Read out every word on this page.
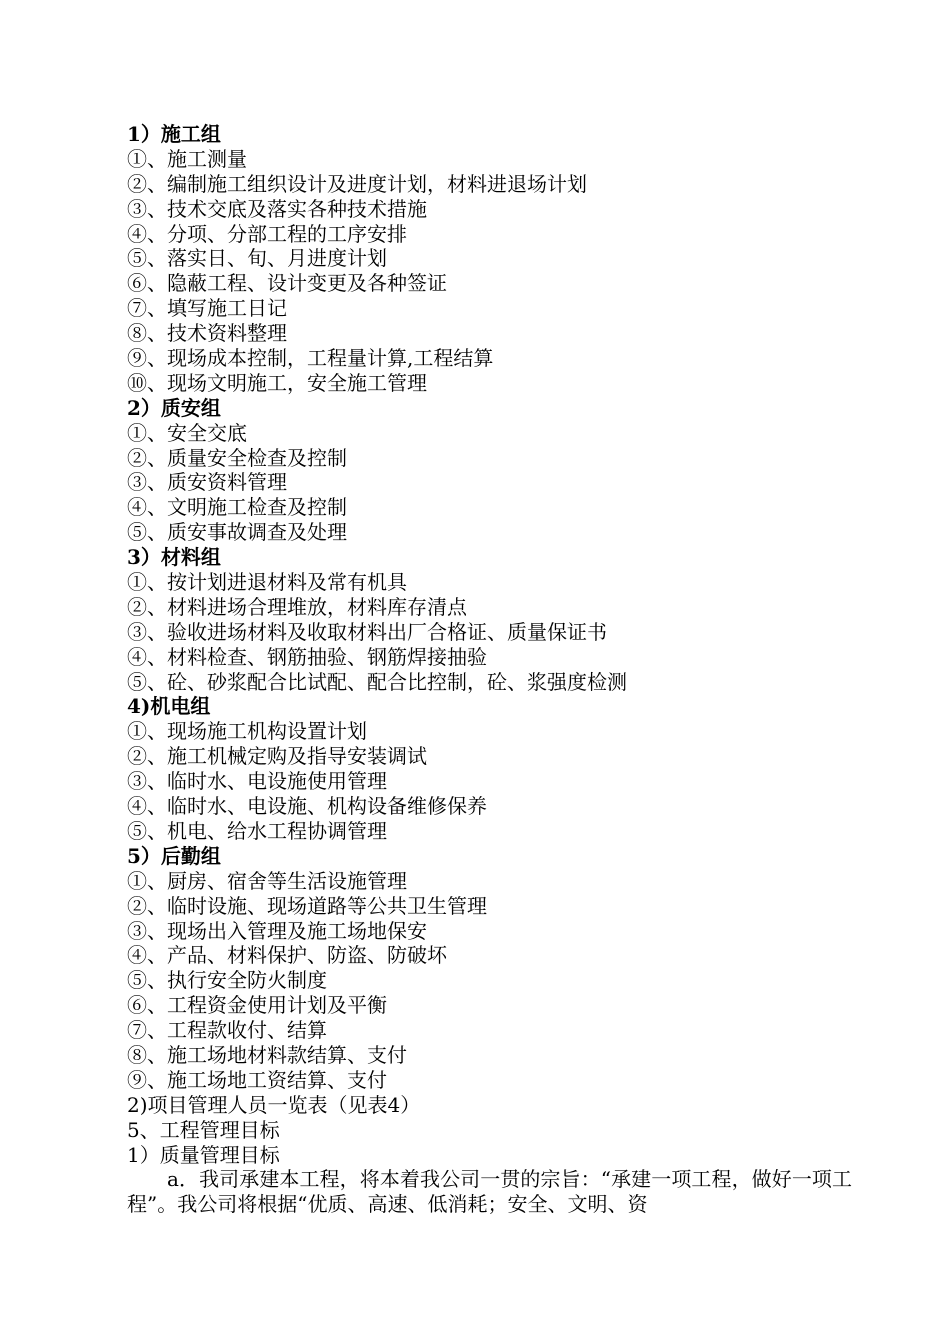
1）施工组
①、施工测量
②、编制施工组织设计及进度计划，材料进退场计划
③、技术交底及落实各种技术措施
④、分项、分部工程的工序安排
⑤、落实日、旬、月进度计划
⑥、隐蔽工程、设计变更及各种签证
⑦、填写施工日记
⑧、技术资料整理
⑨、现场成本控制，工程量计算,工程结算
⑩、现场文明施工，安全施工管理
2）质安组
①、安全交底
②、质量安全检查及控制
③、质安资料管理
④、文明施工检查及控制
⑤、质安事故调查及处理
3）材料组
①、按计划进退材料及常有机具
②、材料进场合理堆放，材料库存清点
③、验收进场材料及收取材料出厂合格证、质量保证书
④、材料检查、钢筋抽验、钢筋焊接抽验
⑤、砼、砂浆配合比试配、配合比控制，砼、浆强度检测
4)机电组
①、现场施工机构设置计划
②、施工机械定购及指导安装调试
③、临时水、电设施使用管理
④、临时水、电设施、机构设备维修保养
⑤、机电、给水工程协调管理
5）后勤组
①、厨房、宿舍等生活设施管理
②、临时设施、现场道路等公共卫生管理
③、现场出入管理及施工场地保安
④、产品、材料保护、防盗、防破坏
⑤、执行安全防火制度
⑥、工程资金使用计划及平衡
⑦、工程款收付、结算
⑧、施工场地材料款结算、支付
⑨、施工场地工资结算、支付
2)项目管理人员一览表（见表4）
5、工程管理目标
1）质量管理目标
a．我司承建本工程，将本着我公司一贯的宗旨：“承建一项工程，做好一项工程”。我公司将根据“优质、高速、低消耗；安全、文明、资
